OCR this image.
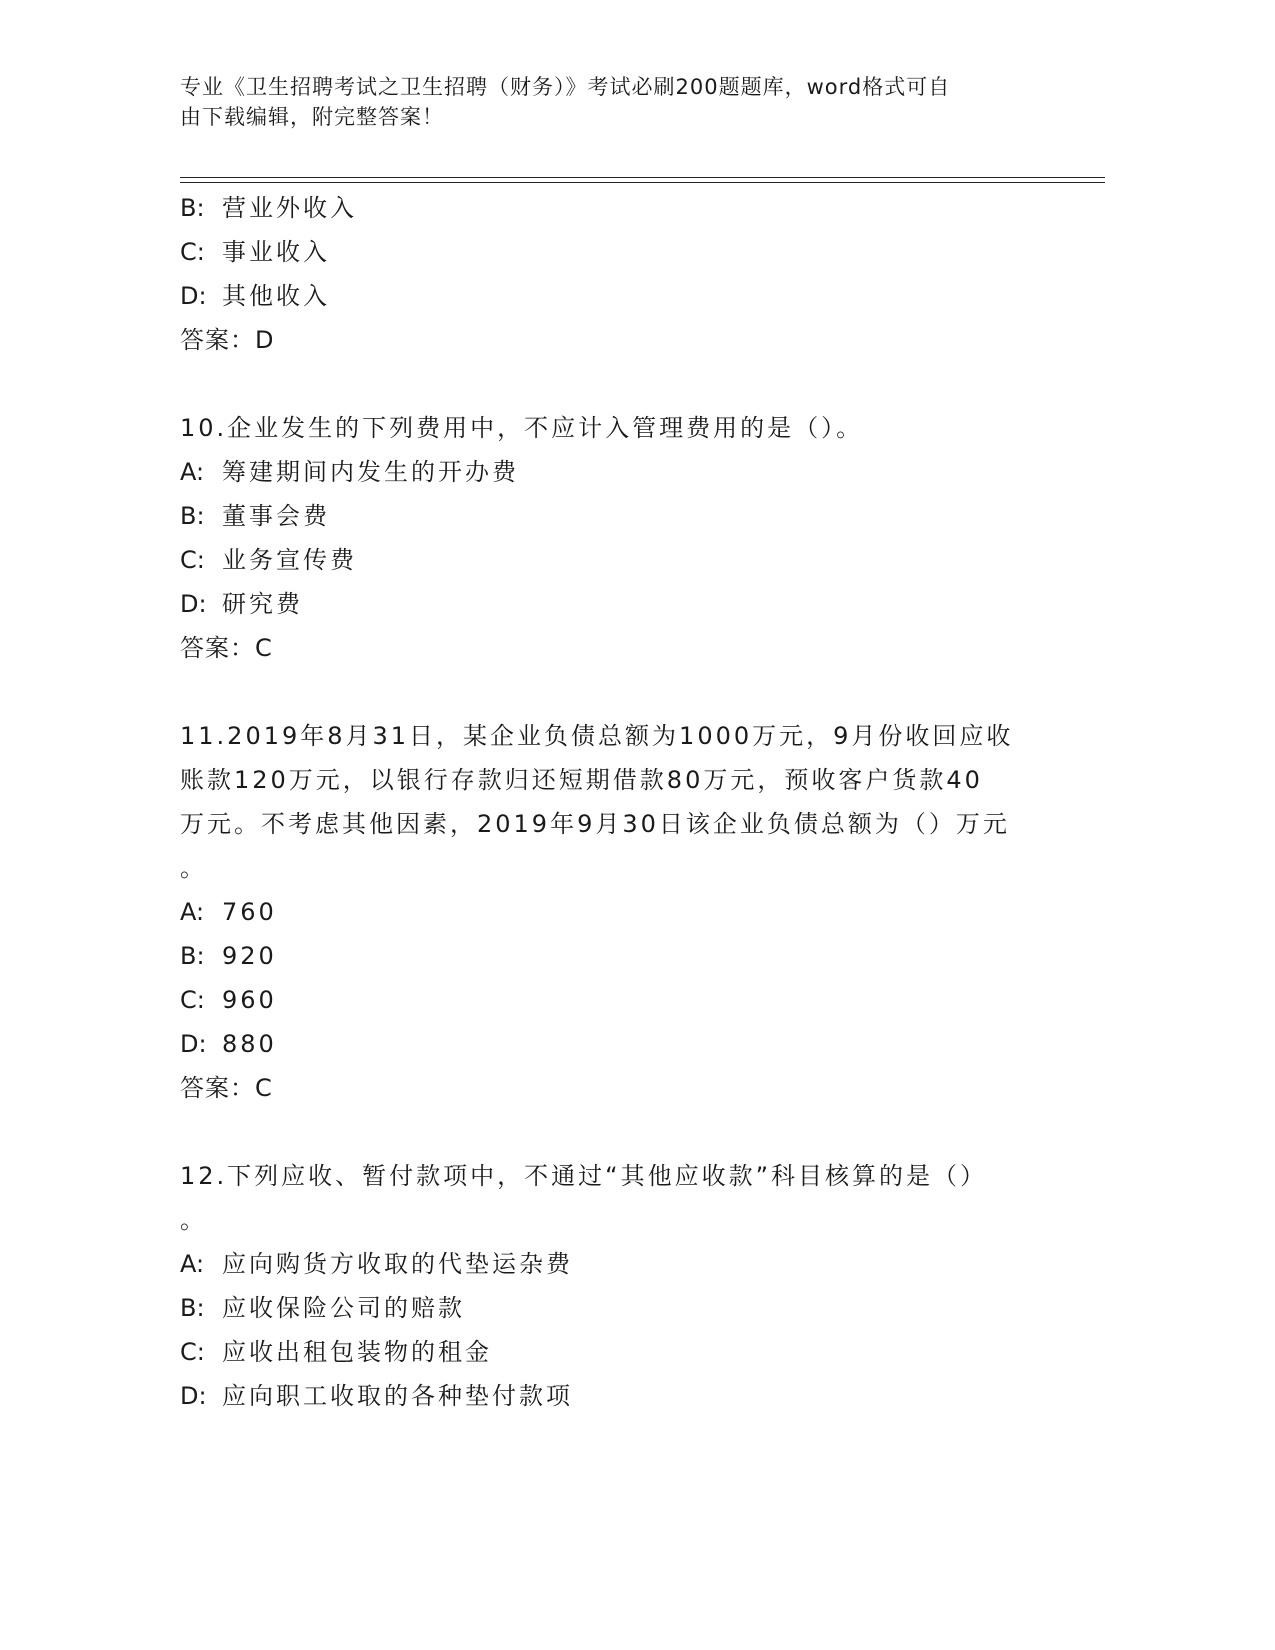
专业《卫生招聘考试之卫生招聘（财务）》考试必刷200题题库，word格式可自
由下载编辑，附完整答案！
B: 营业外收入
C: 事业收入
D: 其他收入
答案：D
10.企业发生的下列费用中，不应计入管理费用的是（）。
A: 筹建期间内发生的开办费
B: 董事会费
C: 业务宣传费
D: 研究费
答案：C
11.2019年8月31日，某企业负债总额为1000万元，9月份收回应收
账款120万元，以银行存款归还短期借款80万元，预收客户货款40
万元。不考虑其他因素，2019年9月30日该企业负债总额为（）万元
。
A: 760
B: 920
C: 960
D: 880
答案：C
12.下列应收、暂付款项中，不通过“其他应收款”科目核算的是（）
。
A: 应向购货方收取的代垫运杂费
B: 应收保险公司的赔款
C: 应收出租包装物的租金
D: 应向职工收取的各种垫付款项
